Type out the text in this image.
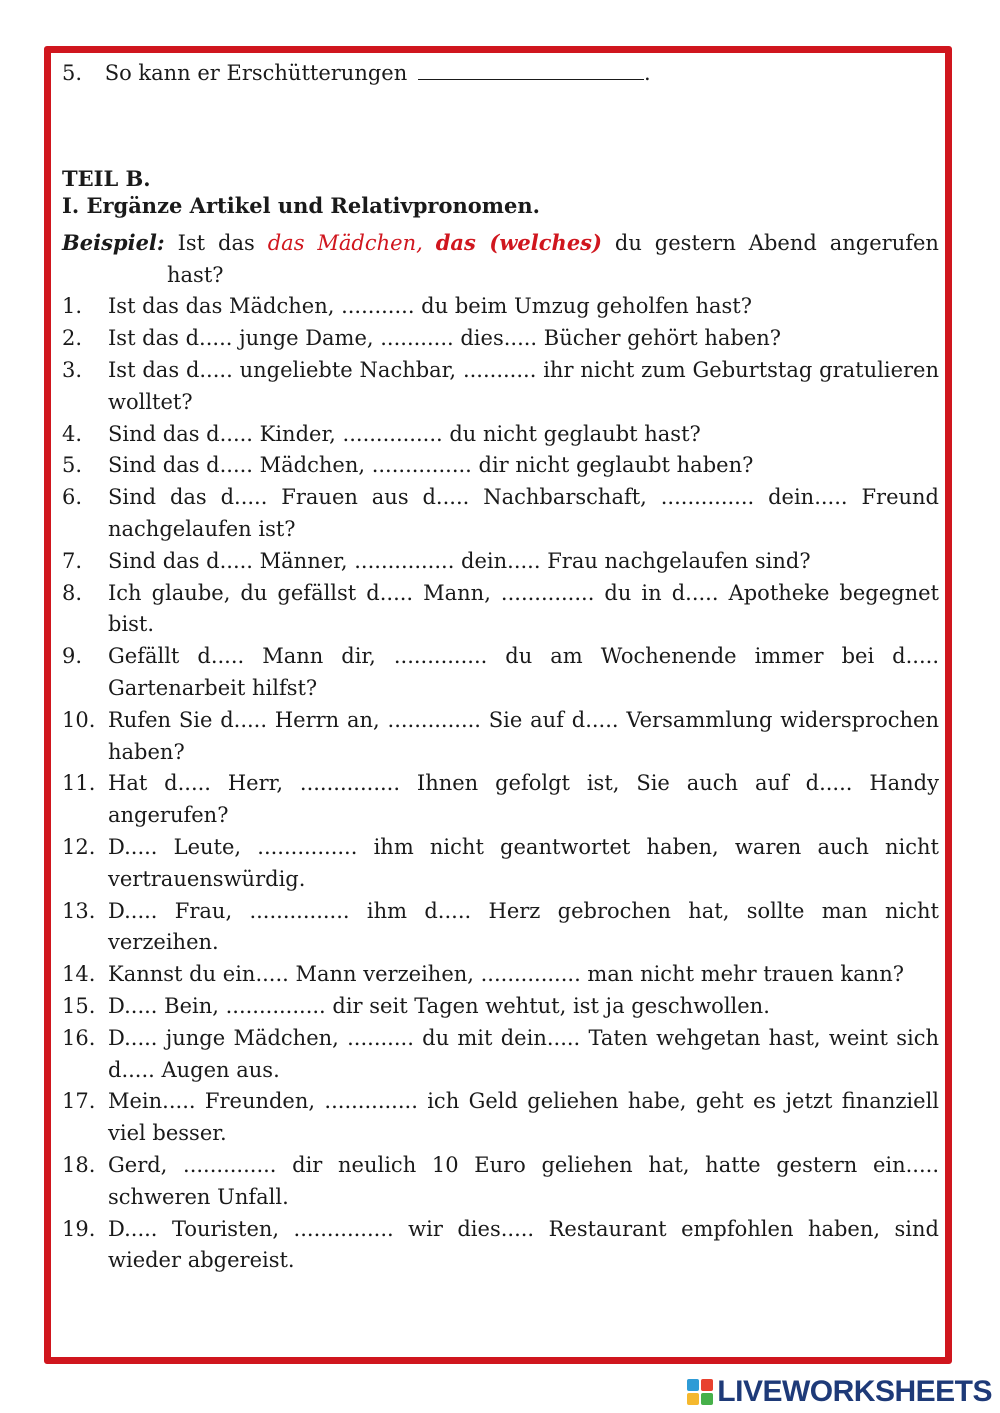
5. So kann er Erschütterungen	.
TEIL B.
I. Ergänze Artikel und Relativpronomen.
Beispiel: Ist das das Mädchen, das (welches) du gestern Abend angerufen hast?
1.	Ist das das Mädchen, ........... du beim Umzug geholfen hast?
2.	Ist das d..... junge Dame, ........... dies..... Bücher gehört haben?
3.	Ist das d..... ungeliebte Nachbar, ........... ihr nicht zum Geburtstag gratulieren wolltet?
4.	Sind das d..... Kinder, ............... du nicht geglaubt hast?
5.	Sind das d..... Mädchen, ............... dir nicht geglaubt haben?
6.	Sind das d..... Frauen aus d..... Nachbarschaft, .............. dein..... Freund nachgelaufen ist?
7.	Sind das d..... Männer, ............... dein..... Frau nachgelaufen sind?
8.	Ich glaube, du gefällst d..... Mann, .............. du in d..... Apotheke begegnet bist.
9.	Gefällt d..... Mann dir, .............. du am Wochenende immer bei d..... Gartenarbeit hilfst?
10. Rufen Sie d..... Herrn an, .............. Sie auf d..... Versammlung widersprochen haben?
11. Hat d..... Herr, ............... Ihnen gefolgt ist, Sie auch auf d..... Handy angerufen?
12. D..... Leute, ............... ihm nicht geantwortet haben, waren auch nicht vertrauenswürdig.
13. D..... Frau, ............... ihm d..... Herz gebrochen hat, sollte man nicht verzeihen.
14. Kannst du ein..... Mann verzeihen, ............... man nicht mehr trauen kann?
15. D..... Bein, ............... dir seit Tagen wehtut, ist ja geschwollen.
16. D..... junge Mädchen, .......... du mit dein..... Taten wehgetan hast, weint sich d..... Augen aus.
17. Mein..... Freunden, .............. ich Geld geliehen habe, geht es jetzt finanziell viel besser.
18. Gerd, .............. dir neulich 10 Euro geliehen hat, hatte gestern ein..... schweren Unfall.
19. D..... Touristen, ............... wir dies..... Restaurant empfohlen haben, sind wieder abgereist.
LIVEWORKSHEETS
